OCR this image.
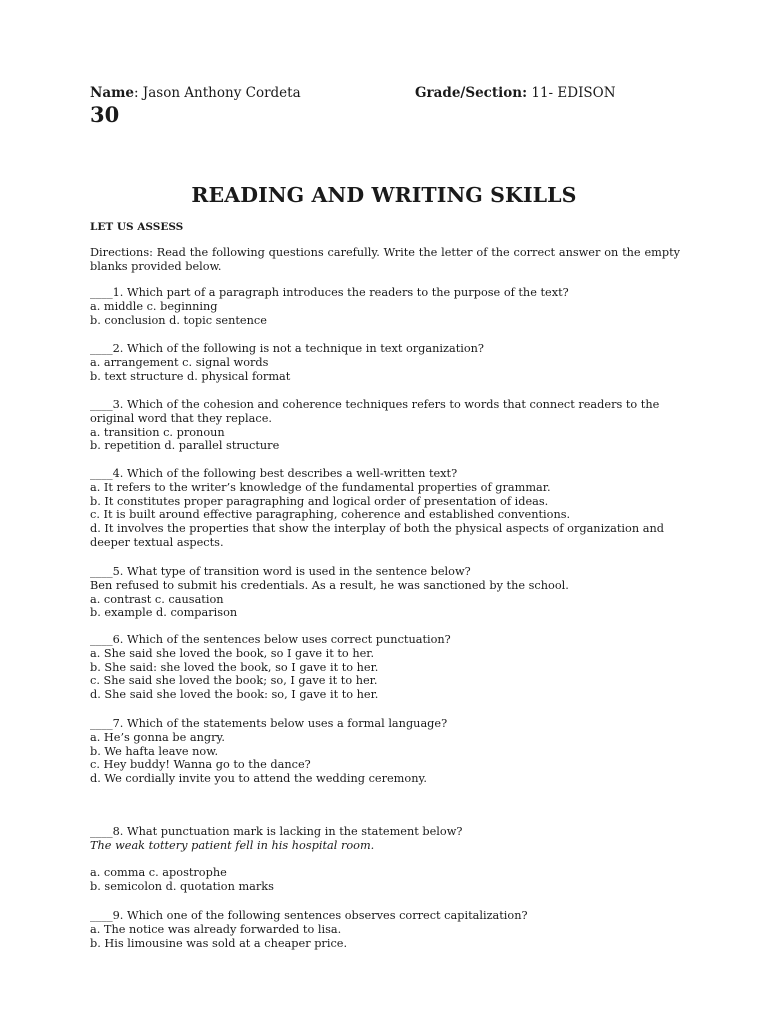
Name: Jason Anthony Cordeta	Grade/Section: 11- EDISON
30
READING AND WRITING SKILLS
LET US ASSESS
Directions: Read the following questions carefully. Write the letter of the correct answer on the empty blanks provided below.
____1. Which part of a paragraph introduces the readers to the purpose of the text?
a. middle c. beginning
b. conclusion d. topic sentence
____2. Which of the following is not a technique in text organization?
a. arrangement c. signal words
b. text structure d. physical format
____3. Which of the cohesion and coherence techniques refers to words that connect readers to the original word that they replace.
a. transition c. pronoun
b. repetition d. parallel structure
____4. Which of the following best describes a well-written text?
a. It refers to the writer’s knowledge of the fundamental properties of grammar.
b. It constitutes proper paragraphing and logical order of presentation of ideas.
c. It is built around effective paragraphing, coherence and established conventions.
d. It involves the properties that show the interplay of both the physical aspects of organization and deeper textual aspects.
____5. What type of transition word is used in the sentence below?
Ben refused to submit his credentials. As a result, he was sanctioned by the school.
a. contrast c. causation
b. example d. comparison
____6. Which of the sentences below uses correct punctuation?
a. She said she loved the book, so I gave it to her.
b. She said: she loved the book, so I gave it to her.
c. She said she loved the book; so, I gave it to her.
d. She said she loved the book: so, I gave it to her.
____7. Which of the statements below uses a formal language?
a. He’s gonna be angry.
b. We hafta leave now.
c. Hey buddy! Wanna go to the dance?
d. We cordially invite you to attend the wedding ceremony.
____8. What punctuation mark is lacking in the statement below?
The weak tottery patient fell in his hospital room.
a. comma c. apostrophe
b. semicolon d. quotation marks
____9. Which one of the following sentences observes correct capitalization?
a. The notice was already forwarded to lisa.
b. His limousine was sold at a cheaper price.
